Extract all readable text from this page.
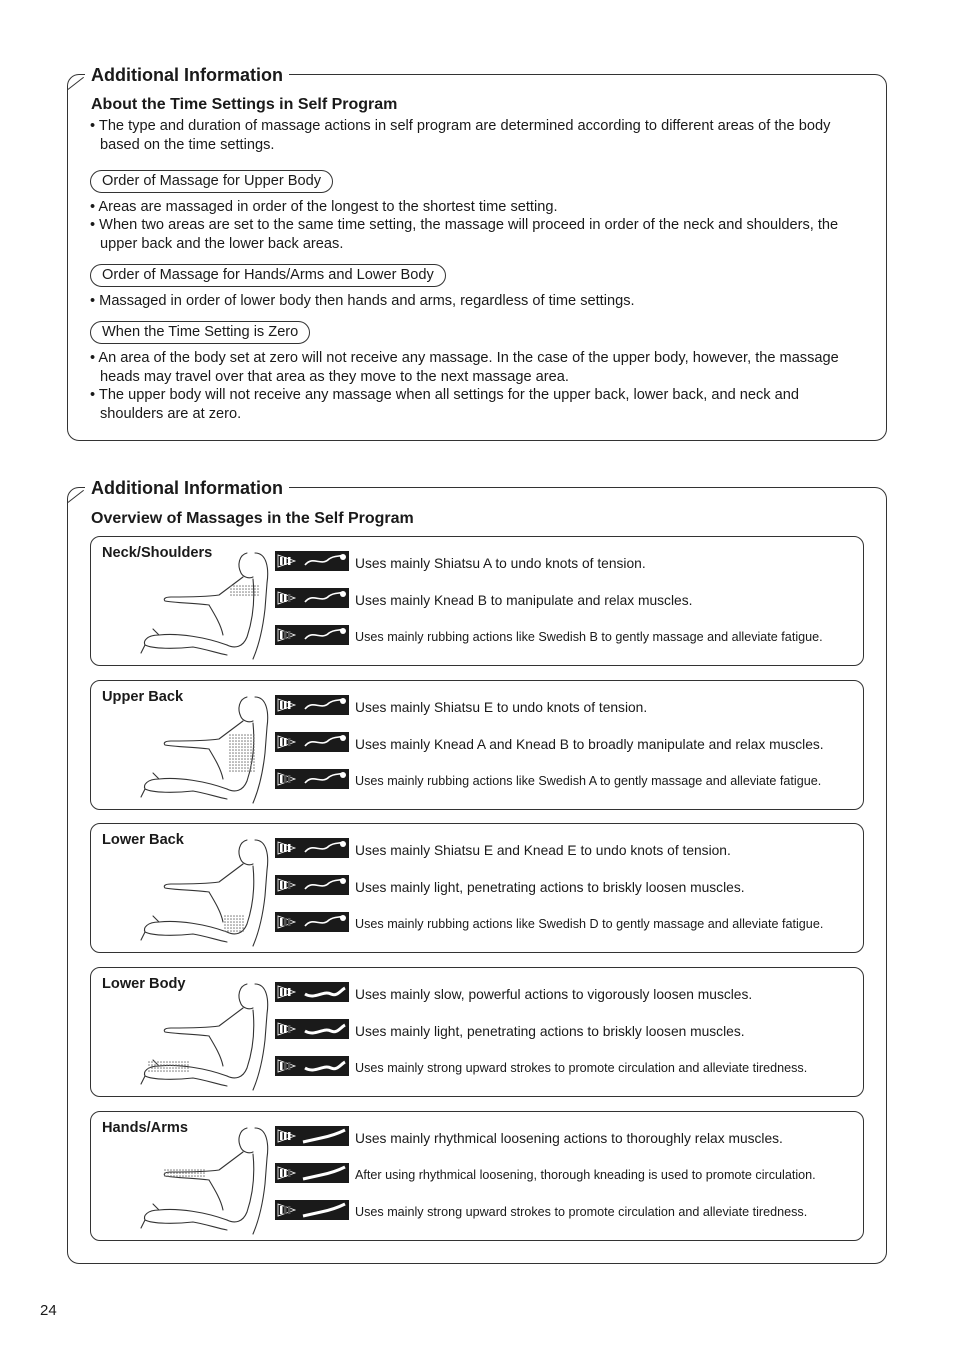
Additional Information
About the Time Settings in Self Program
• The type and duration of massage actions in self program are determined according to different areas of the body based on the time settings.
Order of Massage for Upper Body
• Areas are massaged in order of the longest to the shortest time setting.
• When two areas are set to the same time setting, the massage will proceed in order of the neck and shoulders, the upper back and the lower back areas.
Order of Massage for Hands/Arms and Lower Body
• Massaged in order of lower body then hands and arms, regardless of time settings.
When the Time Setting is Zero
• An area of the body set at zero will not receive any massage. In the case of the upper body, however, the massage heads may travel over that area as they move to the next massage area.
• The upper body will not receive any massage when all settings for the upper back, lower back, and neck and shoulders are at zero.
Additional Information
Overview of Massages in the Self Program
Neck/Shoulders
Uses mainly Shiatsu A to undo knots of tension.
Uses mainly Knead B to manipulate and relax muscles.
Uses mainly rubbing actions like Swedish B to gently massage and alleviate fatigue.
Upper Back
Uses mainly Shiatsu E to undo knots of tension.
Uses mainly Knead A and Knead B to broadly manipulate and relax muscles.
Uses mainly rubbing actions like Swedish A to gently massage and alleviate fatigue.
Lower Back
Uses mainly Shiatsu E and Knead E to undo knots of tension.
Uses mainly light, penetrating actions to briskly loosen muscles.
Uses mainly rubbing actions like Swedish D to gently massage and alleviate fatigue.
Lower Body
Uses mainly slow, powerful actions to vigorously loosen muscles.
Uses mainly light, penetrating actions to briskly loosen muscles.
Uses mainly strong upward strokes to promote circulation and alleviate tiredness.
Hands/Arms
Uses mainly rhythmical loosening actions to thoroughly relax muscles.
After using rhythmical loosening, thorough kneading is used to promote circulation.
Uses mainly strong upward strokes to promote circulation and alleviate tiredness.
24
